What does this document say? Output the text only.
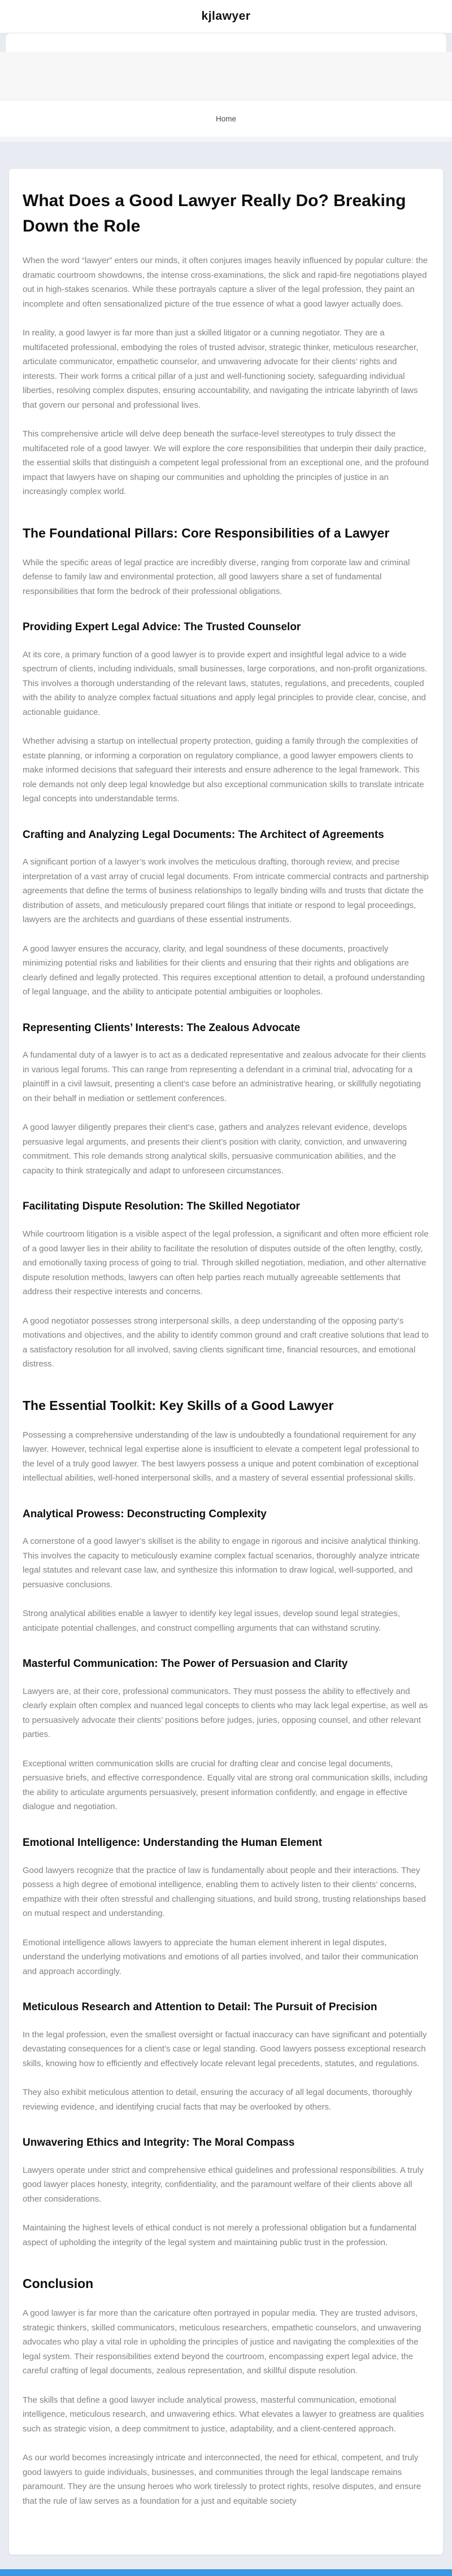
kjlawyer
Home
What Does a Good Lawyer Really Do? Breaking Down the Role

When the word “lawyer” enters our minds, it often conjures images heavily influenced by popular culture: the dramatic courtroom showdowns, the intense cross-examinations, the slick and rapid-fire negotiations played out in high-stakes scenarios. While these portrayals capture a sliver of the legal profession, they paint an incomplete and often sensationalized picture of the true essence of what a good lawyer actually does.

In reality, a good lawyer is far more than just a skilled litigator or a cunning negotiator. They are a multifaceted professional, embodying the roles of trusted advisor, strategic thinker, meticulous researcher, articulate communicator, empathetic counselor, and unwavering advocate for their clients’ rights and interests. Their work forms a critical pillar of a just and well-functioning society, safeguarding individual liberties, resolving complex disputes, ensuring accountability, and navigating the intricate labyrinth of laws that govern our personal and professional lives.

This comprehensive article will delve deep beneath the surface-level stereotypes to truly dissect the multifaceted role of a good lawyer. We will explore the core responsibilities that underpin their daily practice, the essential skills that distinguish a competent legal professional from an exceptional one, and the profound impact that lawyers have on shaping our communities and upholding the principles of justice in an increasingly complex world.

The Foundational Pillars: Core Responsibilities of a Lawyer

While the specific areas of legal practice are incredibly diverse, ranging from corporate law and criminal defense to family law and environmental protection, all good lawyers share a set of fundamental responsibilities that form the bedrock of their professional obligations.

Providing Expert Legal Advice: The Trusted Counselor

At its core, a primary function of a good lawyer is to provide expert and insightful legal advice to a wide spectrum of clients, including individuals, small businesses, large corporations, and non-profit organizations. This involves a thorough understanding of the relevant laws, statutes, regulations, and precedents, coupled with the ability to analyze complex factual situations and apply legal principles to provide clear, concise, and actionable guidance.

Whether advising a startup on intellectual property protection, guiding a family through the complexities of estate planning, or informing a corporation on regulatory compliance, a good lawyer empowers clients to make informed decisions that safeguard their interests and ensure adherence to the legal framework. This role demands not only deep legal knowledge but also exceptional communication skills to translate intricate legal concepts into understandable terms.

Crafting and Analyzing Legal Documents: The Architect of Agreements

A significant portion of a lawyer’s work involves the meticulous drafting, thorough review, and precise interpretation of a vast array of crucial legal documents. From intricate commercial contracts and partnership agreements that define the terms of business relationships to legally binding wills and trusts that dictate the distribution of assets, and meticulously prepared court filings that initiate or respond to legal proceedings, lawyers are the architects and guardians of these essential instruments.

A good lawyer ensures the accuracy, clarity, and legal soundness of these documents, proactively minimizing potential risks and liabilities for their clients and ensuring that their rights and obligations are clearly defined and legally protected. This requires exceptional attention to detail, a profound understanding of legal language, and the ability to anticipate potential ambiguities or loopholes.

Representing Clients’ Interests: The Zealous Advocate

A fundamental duty of a lawyer is to act as a dedicated representative and zealous advocate for their clients in various legal forums. This can range from representing a defendant in a criminal trial, advocating for a plaintiff in a civil lawsuit, presenting a client’s case before an administrative hearing, or skillfully negotiating on their behalf in mediation or settlement conferences.

A good lawyer diligently prepares their client’s case, gathers and analyzes relevant evidence, develops persuasive legal arguments, and presents their client’s position with clarity, conviction, and unwavering commitment. This role demands strong analytical skills, persuasive communication abilities, and the capacity to think strategically and adapt to unforeseen circumstances.

Facilitating Dispute Resolution: The Skilled Negotiator

While courtroom litigation is a visible aspect of the legal profession, a significant and often more efficient role of a good lawyer lies in their ability to facilitate the resolution of disputes outside of the often lengthy, costly, and emotionally taxing process of going to trial. Through skilled negotiation, mediation, and other alternative dispute resolution methods, lawyers can often help parties reach mutually agreeable settlements that address their respective interests and concerns.

A good negotiator possesses strong interpersonal skills, a deep understanding of the opposing party’s motivations and objectives, and the ability to identify common ground and craft creative solutions that lead to a satisfactory resolution for all involved, saving clients significant time, financial resources, and emotional distress.

The Essential Toolkit: Key Skills of a Good Lawyer

Possessing a comprehensive understanding of the law is undoubtedly a foundational requirement for any lawyer. However, technical legal expertise alone is insufficient to elevate a competent legal professional to the level of a truly good lawyer. The best lawyers possess a unique and potent combination of exceptional intellectual abilities, well-honed interpersonal skills, and a mastery of several essential professional skills.

Analytical Prowess: Deconstructing Complexity

A cornerstone of a good lawyer’s skillset is the ability to engage in rigorous and incisive analytical thinking. This involves the capacity to meticulously examine complex factual scenarios, thoroughly analyze intricate legal statutes and relevant case law, and synthesize this information to draw logical, well-supported, and persuasive conclusions.

Strong analytical abilities enable a lawyer to identify key legal issues, develop sound legal strategies, anticipate potential challenges, and construct compelling arguments that can withstand scrutiny.

Masterful Communication: The Power of Persuasion and Clarity

Lawyers are, at their core, professional communicators. They must possess the ability to effectively and clearly explain often complex and nuanced legal concepts to clients who may lack legal expertise, as well as to persuasively advocate their clients’ positions before judges, juries, opposing counsel, and other relevant parties.

Exceptional written communication skills are crucial for drafting clear and concise legal documents, persuasive briefs, and effective correspondence. Equally vital are strong oral communication skills, including the ability to articulate arguments persuasively, present information confidently, and engage in effective dialogue and negotiation.

Emotional Intelligence: Understanding the Human Element

Good lawyers recognize that the practice of law is fundamentally about people and their interactions. They possess a high degree of emotional intelligence, enabling them to actively listen to their clients’ concerns, empathize with their often stressful and challenging situations, and build strong, trusting relationships based on mutual respect and understanding.

Emotional intelligence allows lawyers to appreciate the human element inherent in legal disputes, understand the underlying motivations and emotions of all parties involved, and tailor their communication and approach accordingly.

Meticulous Research and Attention to Detail: The Pursuit of Precision

In the legal profession, even the smallest oversight or factual inaccuracy can have significant and potentially devastating consequences for a client’s case or legal standing. Good lawyers possess exceptional research skills, knowing how to efficiently and effectively locate relevant legal precedents, statutes, and regulations.

They also exhibit meticulous attention to detail, ensuring the accuracy of all legal documents, thoroughly reviewing evidence, and identifying crucial facts that may be overlooked by others.

Unwavering Ethics and Integrity: The Moral Compass

Lawyers operate under strict and comprehensive ethical guidelines and professional responsibilities. A truly good lawyer places honesty, integrity, confidentiality, and the paramount welfare of their clients above all other considerations.

Maintaining the highest levels of ethical conduct is not merely a professional obligation but a fundamental aspect of upholding the integrity of the legal system and maintaining public trust in the profession.

Conclusion

A good lawyer is far more than the caricature often portrayed in popular media. They are trusted advisors, strategic thinkers, skilled communicators, meticulous researchers, empathetic counselors, and unwavering advocates who play a vital role in upholding the principles of justice and navigating the complexities of the legal system. Their responsibilities extend beyond the courtroom, encompassing expert legal advice, the careful crafting of legal documents, zealous representation, and skillful dispute resolution.

The skills that define a good lawyer include analytical prowess, masterful communication, emotional intelligence, meticulous research, and unwavering ethics. What elevates a lawyer to greatness are qualities such as strategic vision, a deep commitment to justice, adaptability, and a client-centered approach.

As our world becomes increasingly intricate and interconnected, the need for ethical, competent, and truly good lawyers to guide individuals, businesses, and communities through the legal landscape remains paramount. They are the unsung heroes who work tirelessly to protect rights, resolve disputes, and ensure that the rule of law serves as a foundation for a just and equitable society
